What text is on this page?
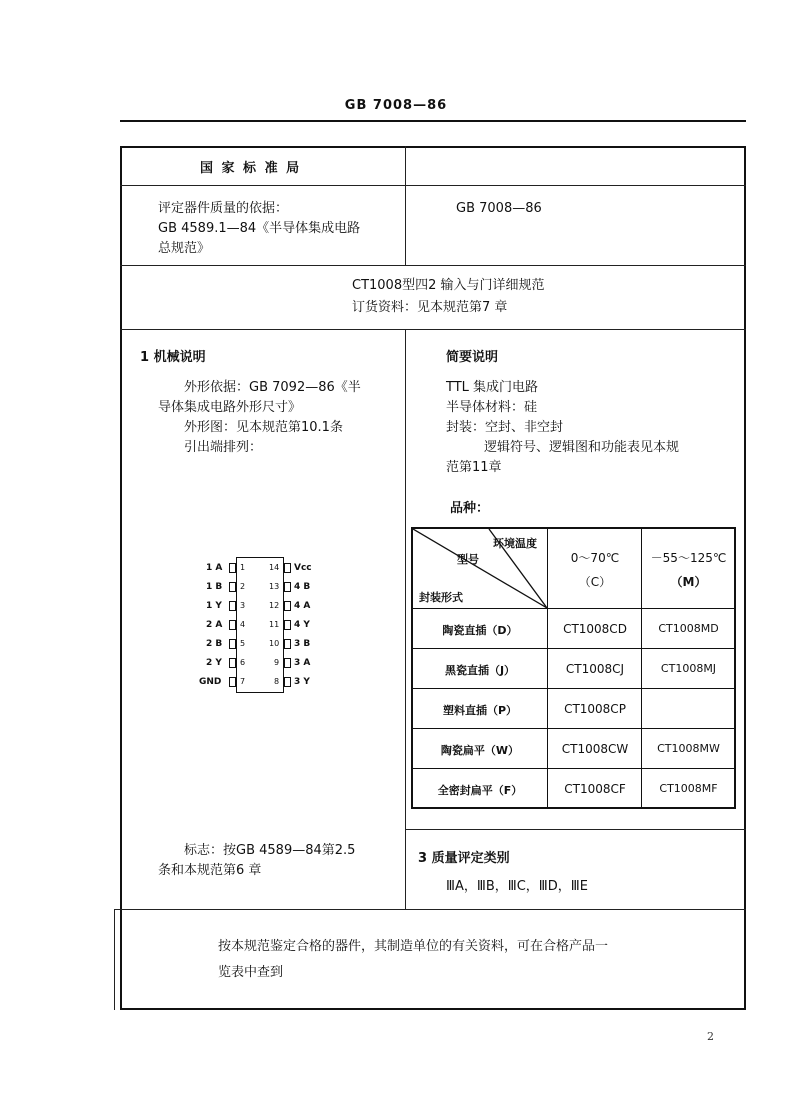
GB 7008—86
国 家 标 准 局
评定器件质量的依据：
GB 4589.1—84《半导体集成电路
总规范》
GB 7008—86
CT1008型四2 输入与门详细规范
订货资料：见本规范第7 章
1 机械说明
外形依据：GB 7092—86《半
导体集成电路外形尺寸》
外形图：见本规范第10.1条
引出端排列：
标志：按GB 4589—84第2.5
条和本规范第6 章
1 A 1
1 B 2
1 Y 3
2 A 4
2 B 5
2 Y 6
GND 7
14 Vcc
13 4 B
12 4 A
11 4 Y
10 3 B
9 3 A
8 3 Y
简要说明
TTL 集成门电路
半导体材料：硅
封装：空封、非空封
逻辑符号、逻辑图和功能表见本规
范第11章
品种：
环境温度
型号
封装形式
0～70℃
（C）
－55～125℃
（M）
陶瓷直插（D）	CT1008CD	CT1008MD
黑瓷直插（J）	CT1008CJ	CT1008MJ
塑料直插（P）	CT1008CP
陶瓷扁平（W）	CT1008CW	CT1008MW
全密封扁平（F）	CT1008CF	CT1008MF
3 质量评定类别
ⅢA，ⅢB，ⅢC，ⅢD，ⅢE
按本规范鉴定合格的器件，其制造单位的有关资料，可在合格产品一
览表中查到
2
